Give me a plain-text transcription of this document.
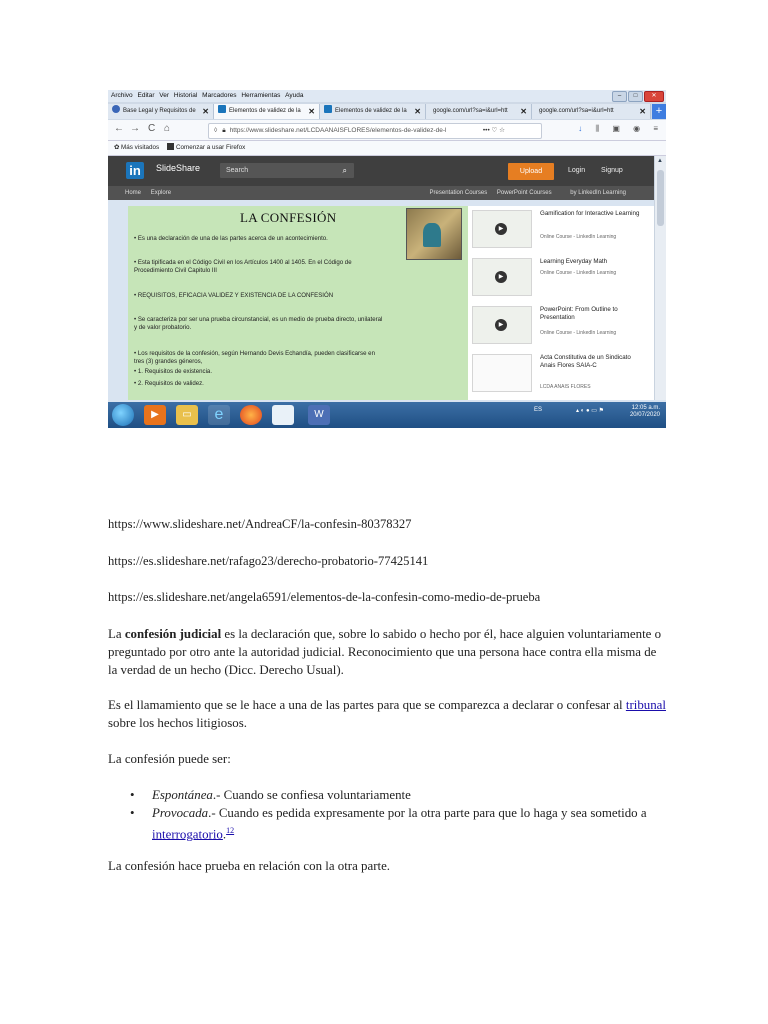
Archivo Editar Ver Historial Marcadores Herramientas Ayuda	–	□	✕
Base Legal y Requisitos de ✕	Elementos de validez de la ✕	Elementos de validez de la ✕	google.com/url?sa=i&url=htt ✕	google.com/url?sa=i&url=htt	✕ +
← → C ⌂	◊ 🔒︎ https://www.slideshare.net/LCDAANAISFLORES/elementos-de-validez-de-l	••• ♡ ☆	↓ ⫼ ▣ ◉ ≡
✿ Más visitados	Comenzar a usar Firefox
in	SlideShare	Search	⌕	Upload	Login Signup
Home Explore	Presentation Courses PowerPoint Courses	by LinkedIn Learning
LA CONFESIÓN
• Es una declaración de una de las partes acerca de un acontecimiento.
• Esta tipificada en el Código Civil en los Artículos 1400 al 1405. En el Código de
Procedimiento Civil Capitulo III
• REQUISITOS, EFICACIA VALIDEZ Y EXISTENCIA DE LA CONFESIÓN
• Se caracteriza por ser una prueba circunstancial, es un medio de prueba directo, unilateral
y de valor probatorio.
• Los requisitos de la confesión, según Hernando Devis Echandía, pueden clasificarse en
tres (3) grandes géneros,
• 1. Requisitos de existencia.
• 2. Requisitos de validez.
▶
Gamification for Interactive Learning
Online Course - LinkedIn Learning
▶
Learning Everyday Math
Online Course - LinkedIn Learning
▶
PowerPoint: From Outline to Presentation
Online Course - LinkedIn Learning
Acta Constitutiva de un Sindicato Anais Flores SAIA-C
LCDA ANAIS FLORES
▲
▶	▭	e	W	ES	▴ ◐ ● ▭ ⚑	12:05 a.m.
20/07/2020

https://www.slideshare.net/AndreaCF/la-confesin-80378327

https://es.slideshare.net/rafago23/derecho-probatorio-77425141

https://es.slideshare.net/angela6591/elementos-de-la-confesin-como-medio-de-prueba

La confesión judicial es la declaración que, sobre lo sabido o hecho por él, hace alguien voluntariamente o preguntado por otro ante la autoridad judicial. Reconocimiento que una persona hace contra ella misma de la verdad de un hecho (Dicc. Derecho Usual).

Es el llamamiento que se le hace a una de las partes para que se comparezca a declarar o confesar al tribunal sobre los hechos litigiosos.

La confesión puede ser:

• Espontánea.- Cuando se confiesa voluntariamente
• Provocada.- Cuando es pedida expresamente por la otra parte para que lo haga y sea sometido a interrogatorio.$^{12}$

La confesión hace prueba en relación con la otra parte.
